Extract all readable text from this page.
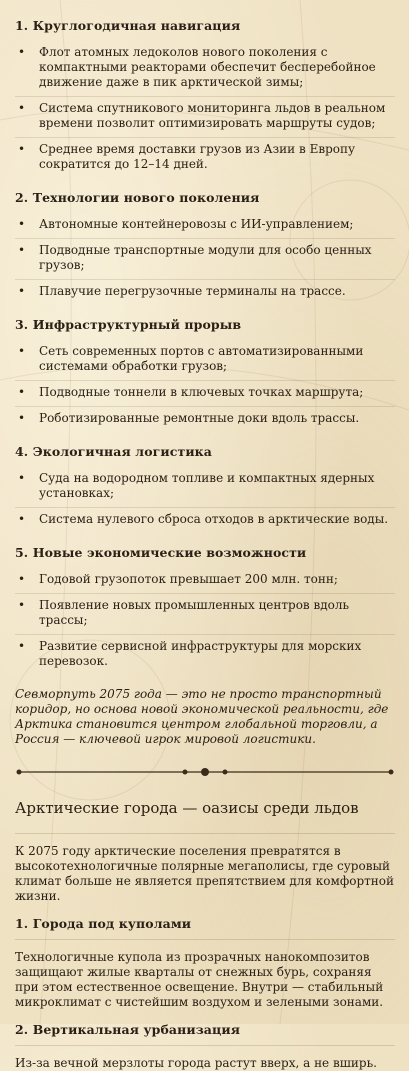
1. Круглогодичная навигация
• Флот атомных ледоколов нового поколения с компактными реакторами обеспечит бесперебойное движение даже в пик арктической зимы;
• Система спутникового мониторинга льдов в реальном времени позволит оптимизировать маршруты судов;
• Среднее время доставки грузов из Азии в Европу сократится до 12–14 дней.
2. Технологии нового поколения
• Автономные контейнеровозы с ИИ-управлением;
• Подводные транспортные модули для особо ценных грузов;
• Плавучие перегрузочные терминалы на трассе.
3. Инфраструктурный прорыв
• Сеть современных портов с автоматизированными системами обработки грузов;
• Подводные тоннели в ключевых точках маршрута;
• Роботизированные ремонтные доки вдоль трассы.
4. Экологичная логистика
• Суда на водородном топливе и компактных ядерных установках;
• Система нулевого сброса отходов в арктические воды.
5. Новые экономические возможности
• Годовой грузопоток превышает 200 млн. тонн;
• Появление новых промышленных центров вдоль трассы;
• Развитие сервисной инфраструктуры для морских перевозок.

Севморпуть 2075 года — это не просто транспортный коридор, но основа новой экономической реальности, где Арктика становится центром глобальной торговли, а Россия — ключевой игрок мировой логистики.

Арктические города — оазисы среди льдов

К 2075 году арктические поселения превратятся в высокотехнологичные полярные мегаполисы, где суровый климат больше не является препятствием для комфортной жизни.

1. Города под куполами

Технологичные купола из прозрачных нанокомпозитов защищают жилые кварталы от снежных бурь, сохраняя при этом естественное освещение. Внутри — стабильный микроклимат с чистейшим воздухом и зелеными зонами.

2. Вертикальная урбанизация

Из-за вечной мерзлоты города растут вверх, а не вширь.
